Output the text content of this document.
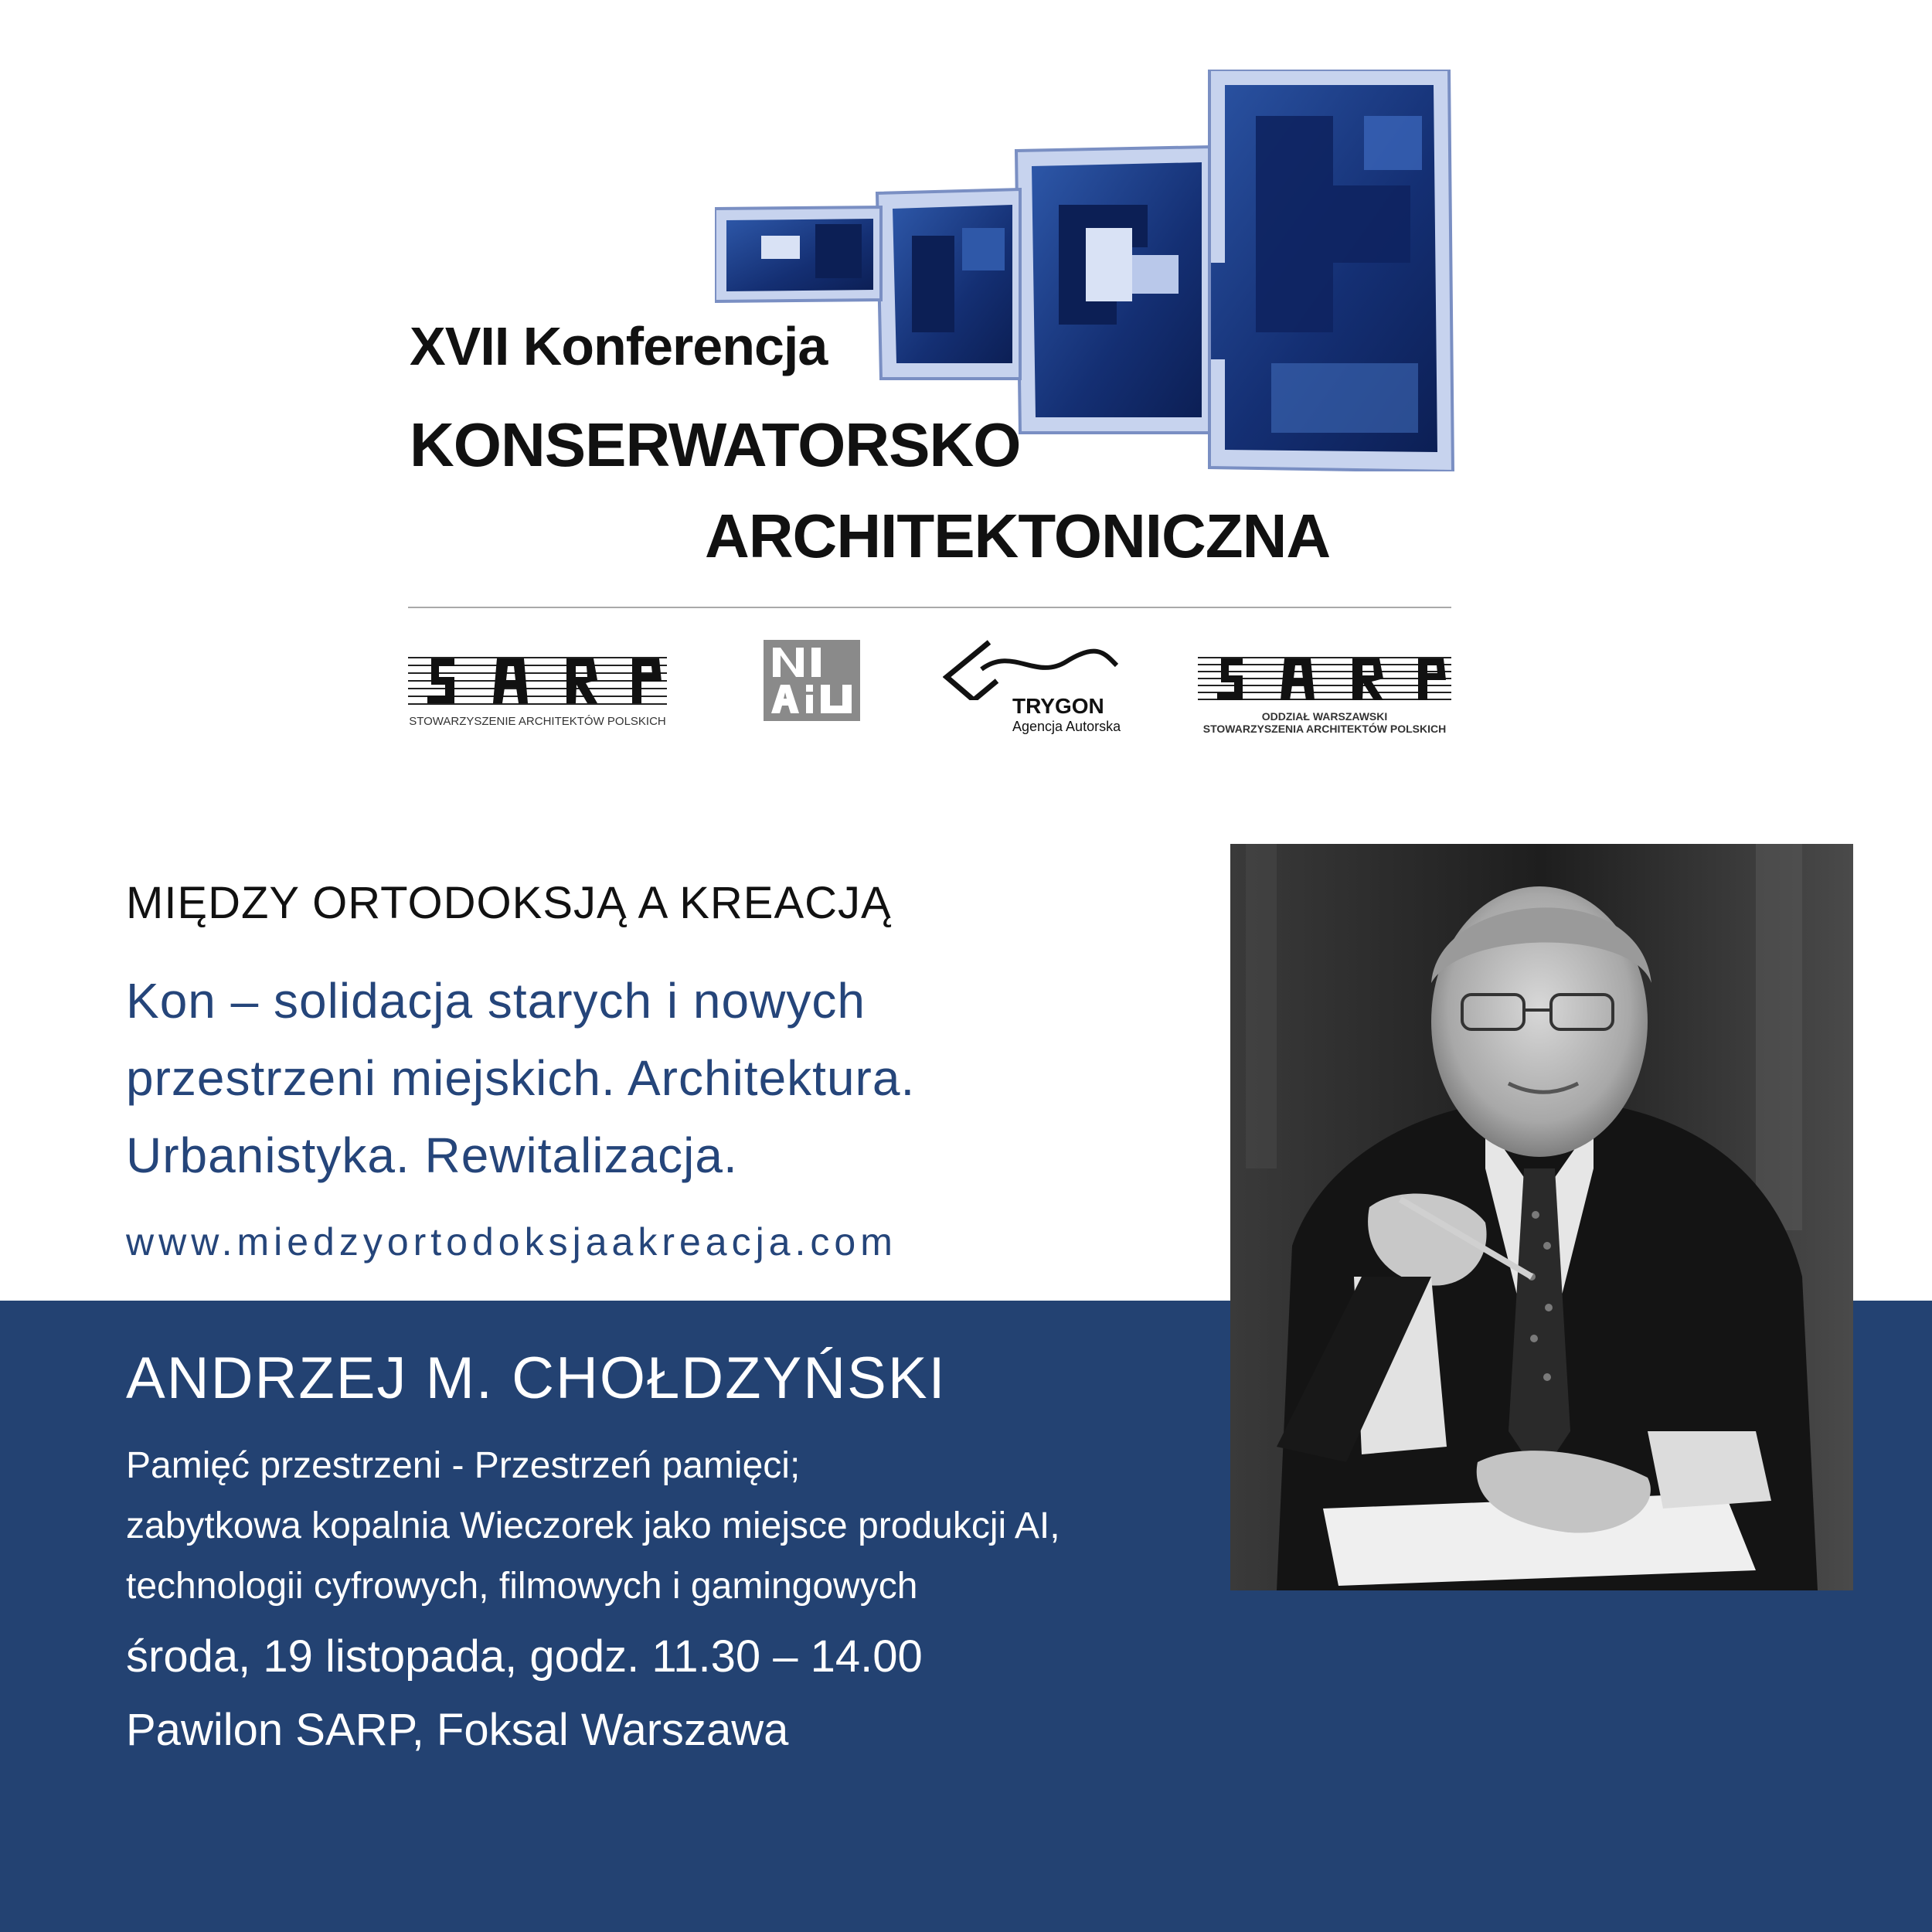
XVII Konferencja
KONSERWATORSKO
ARCHITEKTONICZNA
STOWARZYSZENIE ARCHITEKTÓW POLSKICH
TRYGON
Agencja Autorska
ODDZIAŁ WARSZAWSKI
STOWARZYSZENIA ARCHITEKTÓW POLSKICH
MIĘDZY ORTODOKSJĄ A KREACJĄ
Kon – solidacja starych i nowych
przestrzeni miejskich. Architektura.
Urbanistyka. Rewitalizacja.
www.miedzyortodoksjaakreacja.com
ANDRZEJ M. CHOŁDZYŃSKI
Pamięć przestrzeni - Przestrzeń pamięci;
zabytkowa kopalnia Wieczorek jako miejsce produkcji AI,
technologii cyfrowych, filmowych i gamingowych
środa, 19 listopada, godz. 11.30 – 14.00
Pawilon SARP, Foksal Warszawa
